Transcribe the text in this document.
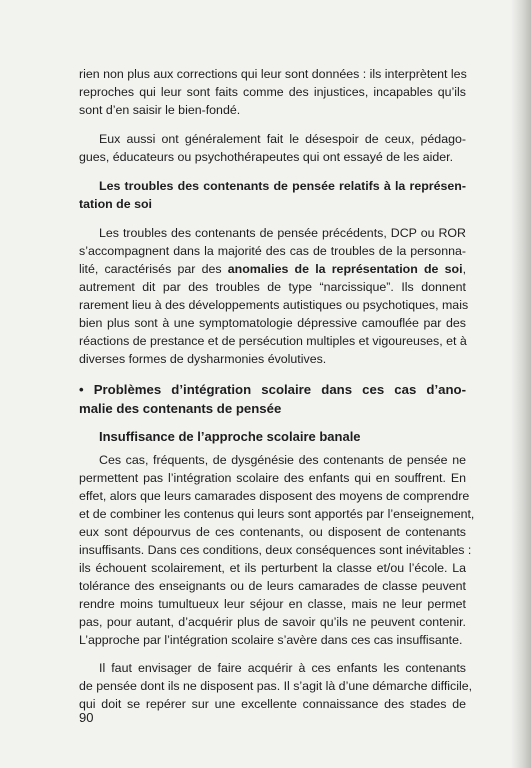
rien non plus aux corrections qui leur sont données : ils interprètent les
reproches qui leur sont faits comme des injustices, incapables qu’ils
sont d’en saisir le bien-fondé.
Eux aussi ont généralement fait le désespoir de ceux, pédago-
gues, éducateurs ou psychothérapeutes qui ont essayé de les aider.
Les troubles des contenants de pensée relatifs à la représen-
tation de soi
Les troubles des contenants de pensée précédents, DCP ou ROR
s’accompagnent dans la majorité des cas de troubles de la personna-
lité, caractérisés par des anomalies de la représentation de soi,
autrement dit par des troubles de type “narcissique”. Ils donnent
rarement lieu à des développements autistiques ou psychotiques, mais
bien plus sont à une symptomatologie dépressive camouflée par des
réactions de prestance et de persécution multiples et vigoureuses, et à
diverses formes de dysharmonies évolutives.
• Problèmes d’intégration scolaire dans ces cas d’ano-
malie des contenants de pensée
Insuffisance de l’approche scolaire banale
Ces cas, fréquents, de dysgénésie des contenants de pensée ne
permettent pas l’intégration scolaire des enfants qui en souffrent. En
effet, alors que leurs camarades disposent des moyens de comprendre
et de combiner les contenus qui leurs sont apportés par l’enseignement,
eux sont dépourvus de ces contenants, ou disposent de contenants
insuffisants. Dans ces conditions, deux conséquences sont inévitables :
ils échouent scolairement, et ils perturbent la classe et/ou l’école. La
tolérance des enseignants ou de leurs camarades de classe peuvent
rendre moins tumultueux leur séjour en classe, mais ne leur permet
pas, pour autant, d’acquérir plus de savoir qu’ils ne peuvent contenir.
L’approche par l’intégration scolaire s’avère dans ces cas insuffisante.
Il faut envisager de faire acquérir à ces enfants les contenants
de pensée dont ils ne disposent pas. Il s’agit là d’une démarche difficile,
qui doit se repérer sur une excellente connaissance des stades de
90
